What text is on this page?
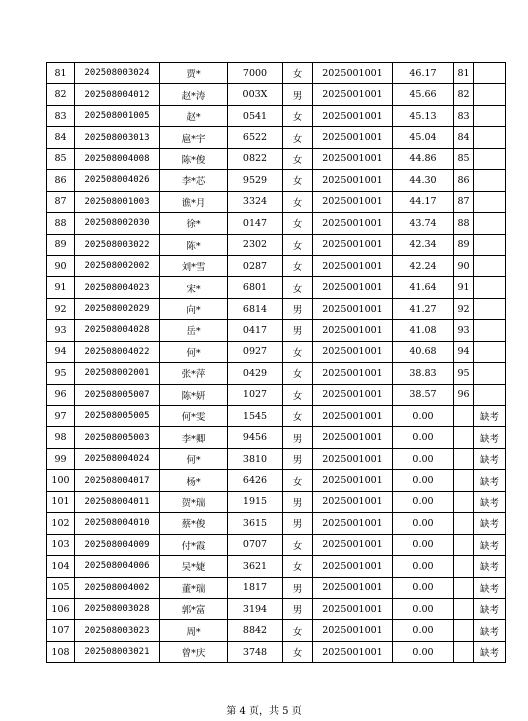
81	202508003024	贾*	7000	女	2025001001	46.17	81	
82	202508004012	赵*涛	003X	男	2025001001	45.66	82	
83	202508001005	赵*	0541	女	2025001001	45.13	83	
84	202508003013	扈*宇	6522	女	2025001001	45.04	84	
85	202508004008	陈*俊	0822	女	2025001001	44.86	85	
86	202508004026	李*芯	9529	女	2025001001	44.30	86	
87	202508001003	谯*月	3324	女	2025001001	44.17	87	
88	202508002030	徐*	0147	女	2025001001	43.74	88	
89	202508003022	陈*	2302	女	2025001001	42.34	89	
90	202508002002	刘*雪	0287	女	2025001001	42.24	90	
91	202508004023	宋*	6801	女	2025001001	41.64	91	
92	202508002029	向*	6814	男	2025001001	41.27	92	
93	202508004028	岳*	0417	男	2025001001	41.08	93	
94	202508004022	何*	0927	女	2025001001	40.68	94	
95	202508002001	张*萍	0429	女	2025001001	38.83	95	
96	202508005007	陈*妍	1027	女	2025001001	38.57	96	
97	202508005005	何*雯	1545	女	2025001001	0.00		缺考
98	202508005003	李*卿	9456	男	2025001001	0.00		缺考
99	202508004024	何*	3810	男	2025001001	0.00		缺考
100	202508004017	杨*	6426	女	2025001001	0.00		缺考
101	202508004011	贺*瑞	1915	男	2025001001	0.00		缺考
102	202508004010	蔡*俊	3615	男	2025001001	0.00		缺考
103	202508004009	付*霞	0707	女	2025001001	0.00		缺考
104	202508004006	吴*婕	3621	女	2025001001	0.00		缺考
105	202508004002	董*瑞	1817	男	2025001001	0.00		缺考
106	202508003028	郭*富	3194	男	2025001001	0.00		缺考
107	202508003023	周*	8842	女	2025001001	0.00		缺考
108	202508003021	曾*庆	3748	女	2025001001	0.00		缺考
第 4 页，共 5 页
